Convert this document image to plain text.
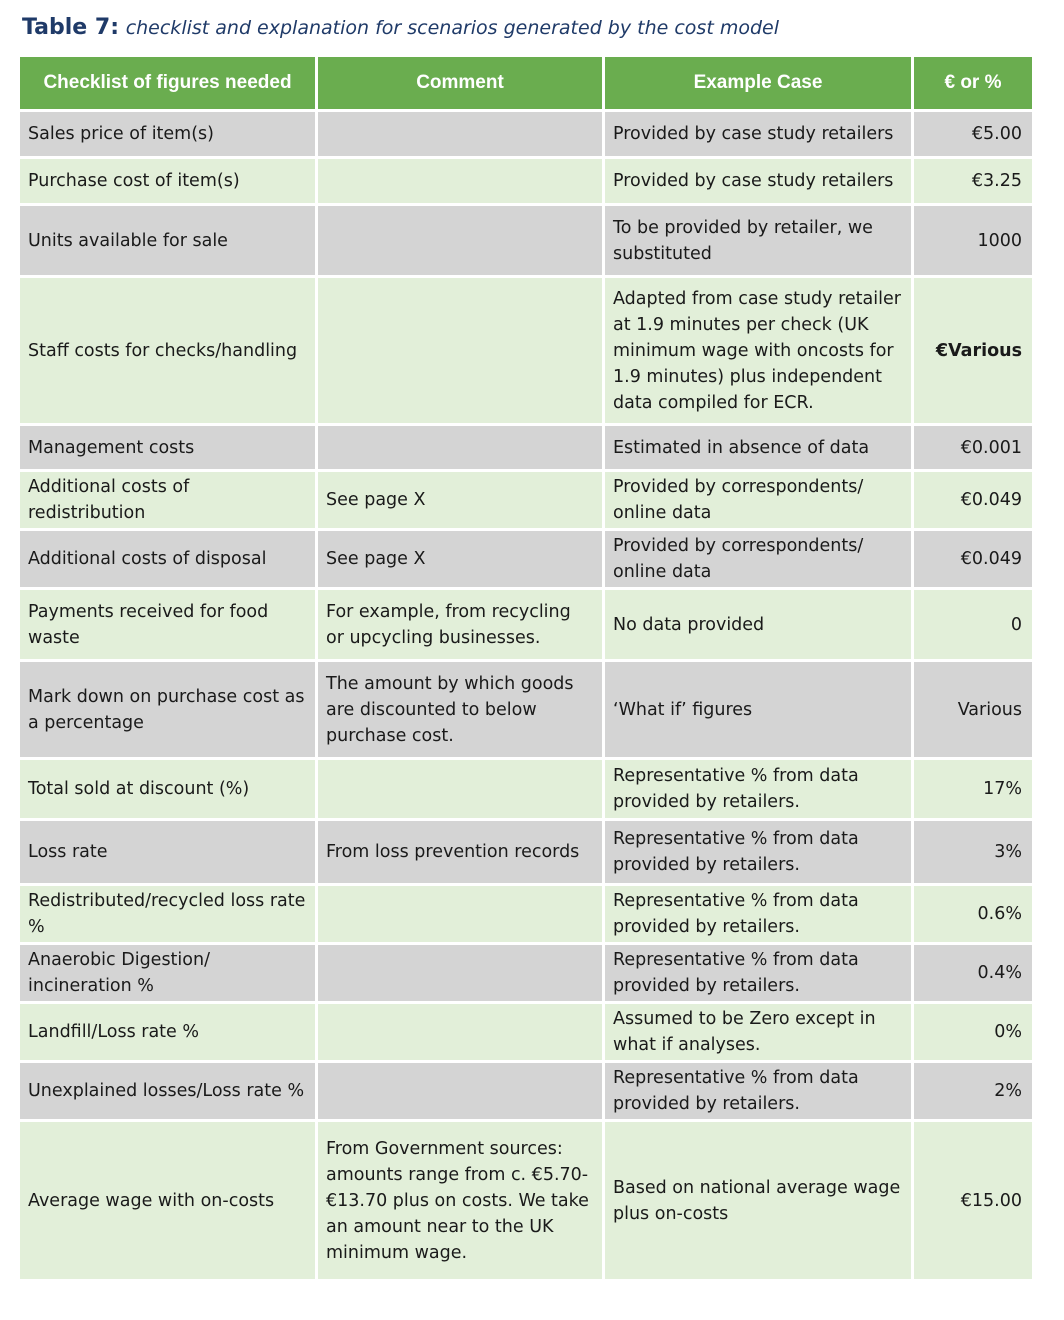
Table 7: checklist and explanation for scenarios generated by the cost model
Checklist of figures needed	Comment	Example Case	€ or %
Sales price of item(s)		Provided by case study retailers	€5.00
Purchase cost of item(s)		Provided by case study retailers	€3.25
Units available for sale		To be provided by retailer, we substituted	1000
Staff costs for checks/handling		Adapted from case study retailer at 1.9 minutes per check (UK minimum wage with oncosts for 1.9 minutes) plus independent data compiled for ECR.	€Various
Management costs		Estimated in absence of data	€0.001
Additional costs of redistribution	See page X	Provided by correspondents/ online data	€0.049
Additional costs of disposal	See page X	Provided by correspondents/ online data	€0.049
Payments received for food waste	For example, from recycling or upcycling businesses.	No data provided	0
Mark down on purchase cost as a percentage	The amount by which goods are discounted to below purchase cost.	‘What if’ figures	Various
Total sold at discount (%)		Representative % from data provided by retailers.	17%
Loss rate	From loss prevention records	Representative % from data provided by retailers.	3%
Redistributed/recycled loss rate %		Representative % from data provided by retailers.	0.6%
Anaerobic Digestion/ incineration %		Representative % from data provided by retailers.	0.4%
Landfill/Loss rate %		Assumed to be Zero except in what if analyses.	0%
Unexplained losses/Loss rate %		Representative % from data provided by retailers.	2%
Average wage with on-costs	From Government sources: amounts range from c. €5.70-€13.70 plus on costs. We take an amount near to the UK minimum wage.	Based on national average wage plus on-costs	€15.00
